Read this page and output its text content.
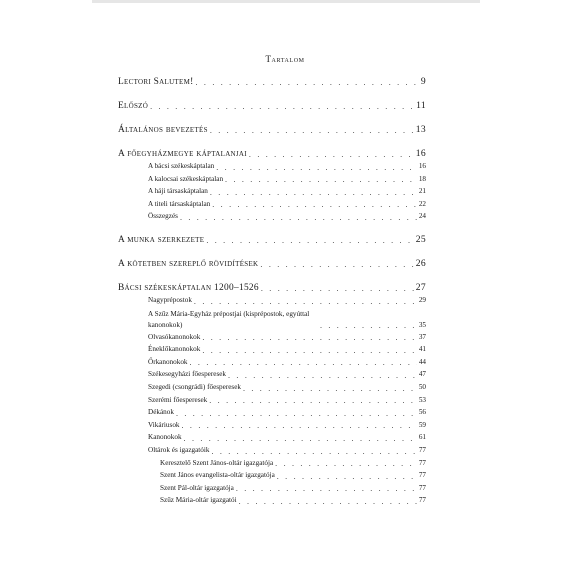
Tartalom
Lectori Salutem! . . .	9
Előszó . . .	11
Általános bevezetés . . .	13
A főegyházmegye káptalanjai . . .	16
A bácsi székeskáptalan . . .	16
A kalocsai székeskáptalan . . .	18
A hájі társaskáptalan . . .	21
A titeli társaskáptalan . . .	22
Összegzés . . .	24
A munka szerkezete . . .	25
A kötetben szereplő rövidítések . . .	26
Bácsi székeskáptalan 1200–1526 . . .	27
Nagyprépostok . . .	29
A Szűz Mária-Egyház prépostjai (kisprépostok, egyúttal kanonokok) . . .	35
Olvasókanonokok . . .	37
Éneklőkanonokok . . .	41
Őrkanonokok . . .	44
Székesegyházi főesperesek . . .	47
Szegedi (csongrádi) főesperesek . . .	50
Szerémi főesperesek . . .	53
Dékánok . . .	56
Vikáriusok . . .	59
Kanonokok . . .	61
Oltárok és igazgatóik . . .	77
Keresztelő Szent János-oltár igazgatója . . .	77
Szent János evangelista-oltár igazgatója . . .	77
Szent Pál-oltár igazgatója . . .	77
Szűz Mária-oltár igazgatói . . .	77
